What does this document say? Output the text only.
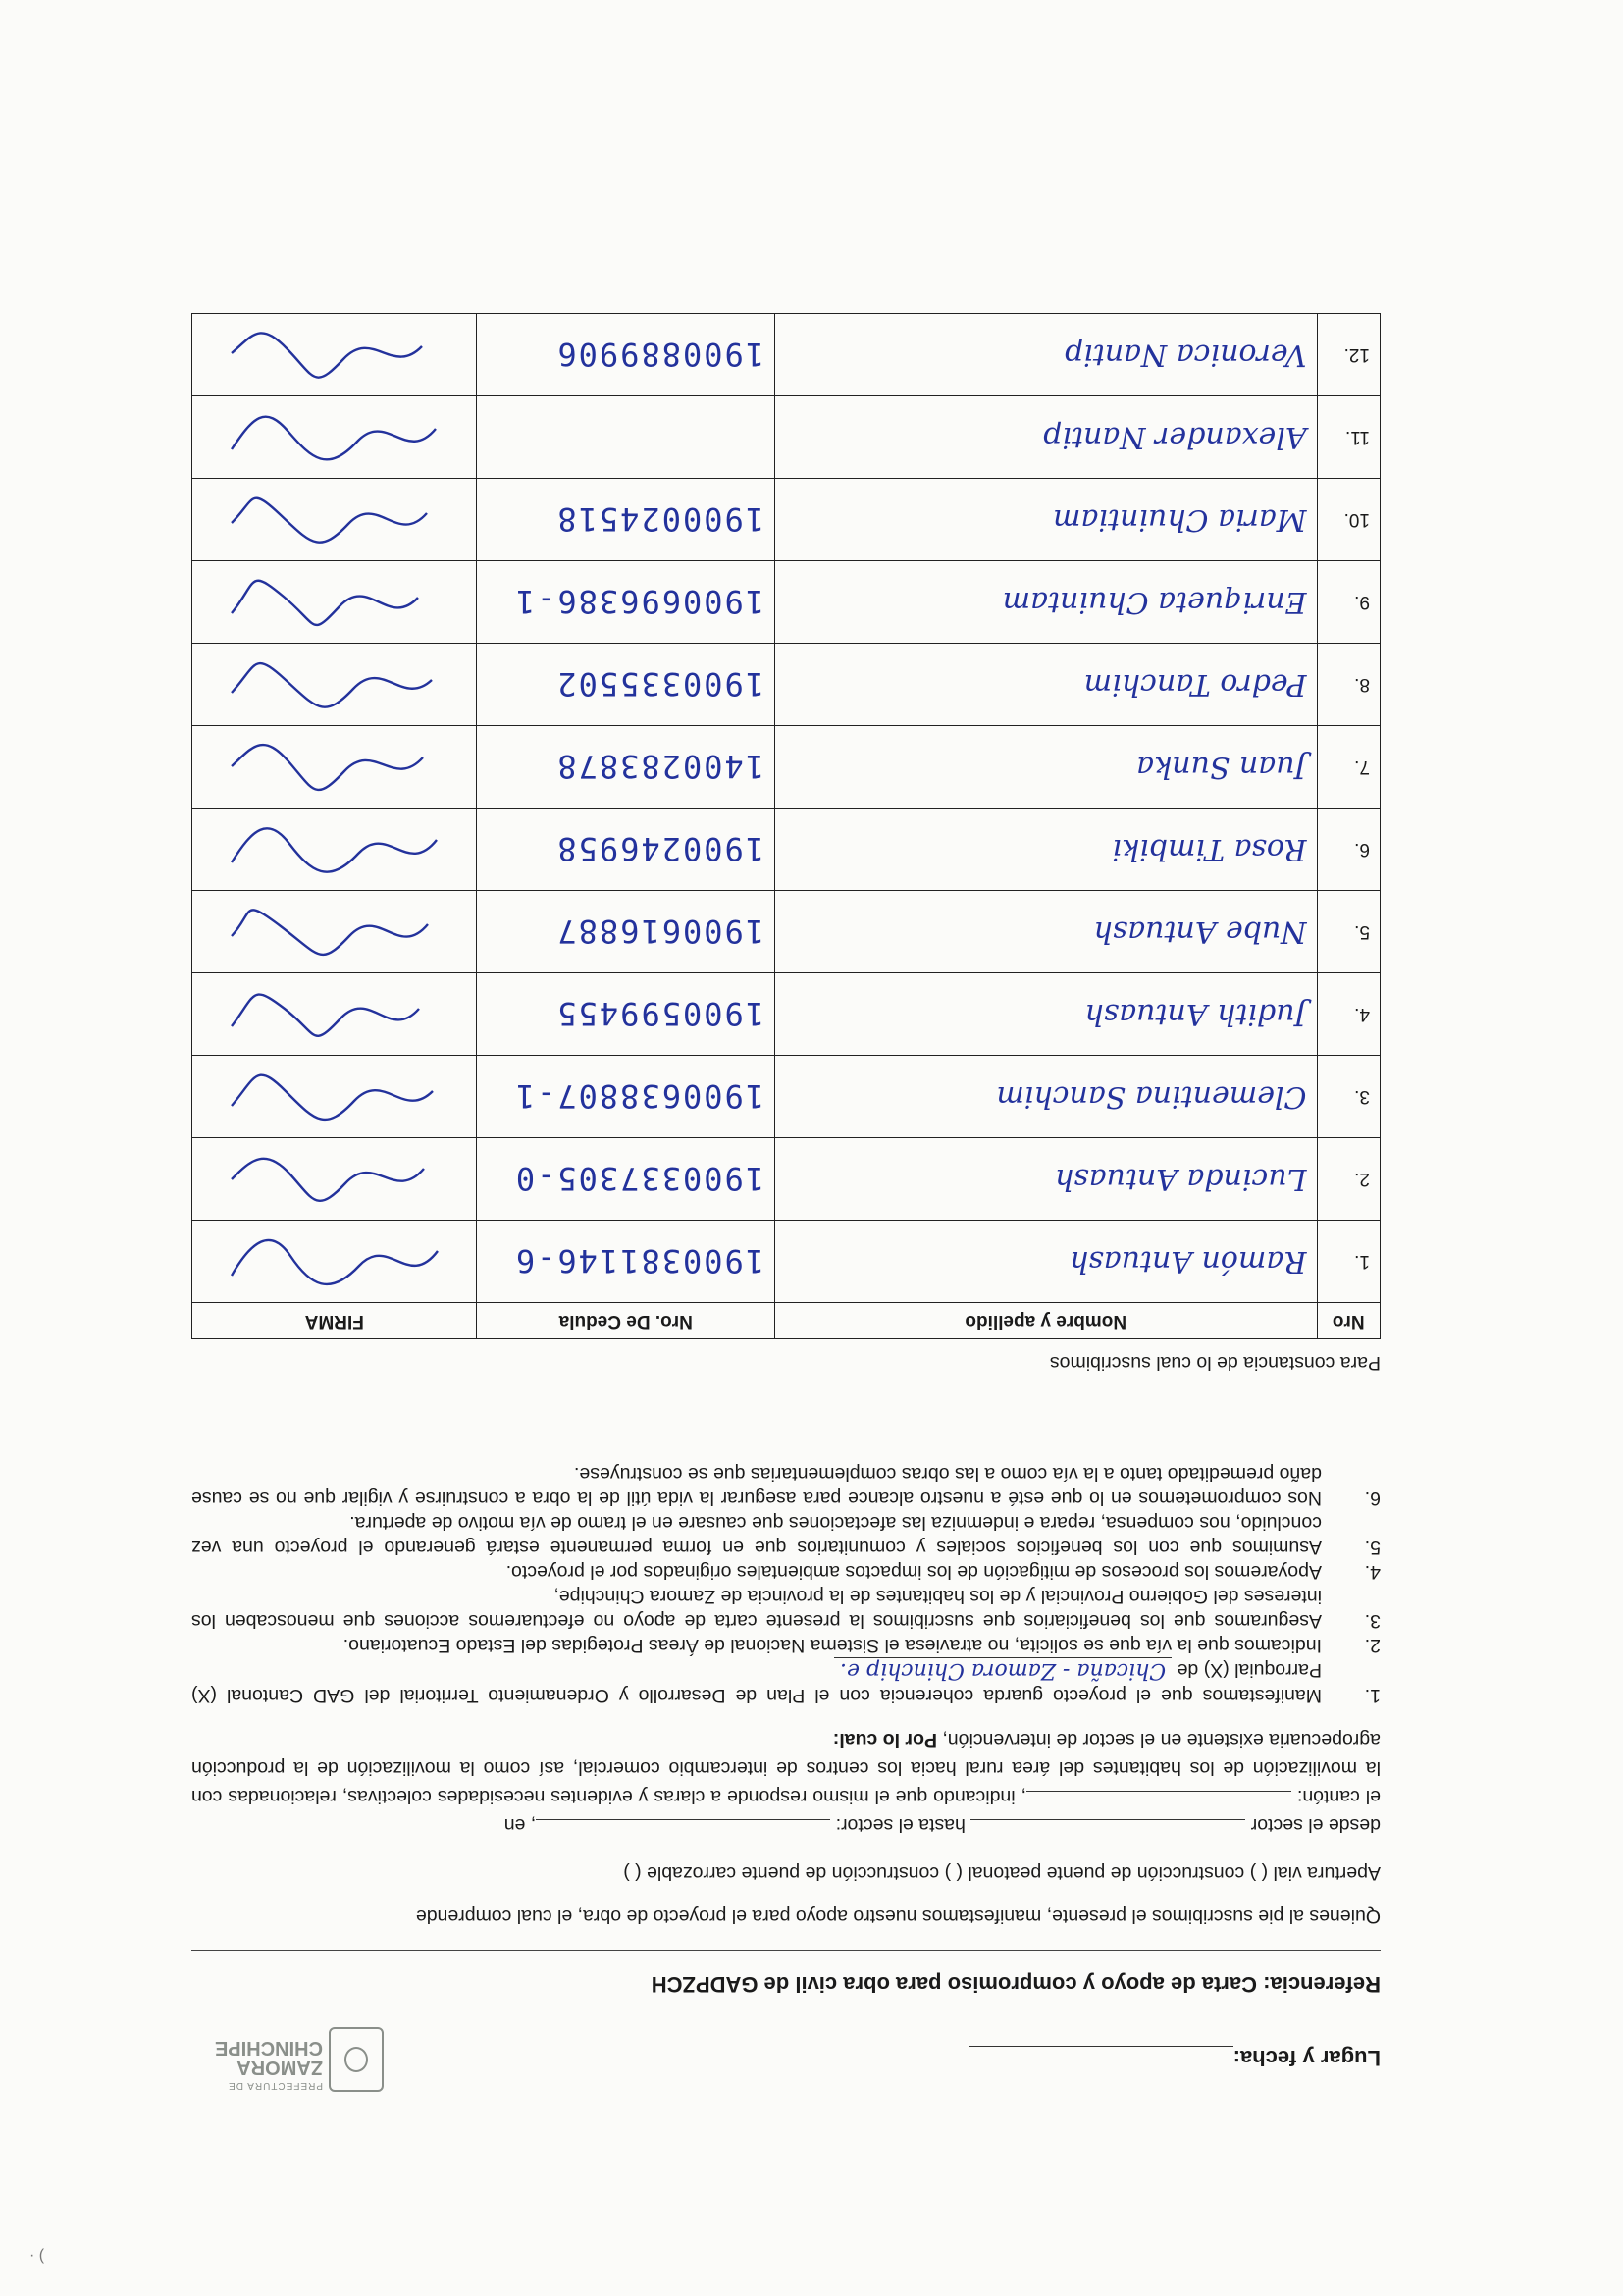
Lugar y fecha:
PREFECTURA DE
ZAMORA
CHINCHIPE
Referencia: Carta de apoyo y compromiso para obra civil de GADPZCH
Quienes al pie suscribimos el presente, manifestamos nuestro apoyo para el proyecto de obra, el cual comprende
Apertura vial ( ) construcción de puente peatonal ( ) construcción de puente carrozable ( )
desde el sector  hasta el sector: , en
el cantón: , indicando que el mismo responde a claras y evidentes necesidades colectivas, relacionadas con la movilización de los habitantes del área rural hacia los centros de intercambio comercial, así como la movilización de la producción agropecuaria existente en el sector de intervención, Por lo cual:
1.
Manifestamos que el proyecto guarda coherencia con el Plan de Desarrollo y Ordenamiento Territorial del GAD Cantonal (X) Parroquial (X) de Chicaña - Zamora Chinchip e.
2.
Indicamos que la vía que se solicita, no atraviesa el Sistema Nacional de Áreas Protegidas del Estado Ecuatoriano.
3.
Aseguramos que los beneficiarios que suscribimos la presente carta de apoyo no efectuaremos acciones que menoscaben los intereses del Gobierno Provincial y de los habitantes de la provincia de Zamora Chinchipe,
4.
Apoyaremos los procesos de mitigación de los impactos ambientales originados por el proyecto.
5.
Asumimos que con los beneficios sociales y comunitarios que en forma permanente estará generando el proyecto una vez concluido, nos compensa, repara e indemniza las afectaciones que causare en el tramo de vía motivo de apertura.
6.
Nos comprometemos en lo que esté a nuestro alcance para asegurar la vida útil de la obra a construirse y vigilar que no se cause daño premeditado tanto a la vía como a las obras complementarias que se construyese.
Para constancia de lo cual suscribimos
Nro	Nombre y apellido	Nro. De Cedula	FIRMA
1.	Ramón Antuash	1900381146-6	

2.	Lucinda Antuash	1900337305-0	

3.	Clementina Sanchim	1900638807-1	

4.	Judith Antuash	1900599455	

5.	Nube Antuash	1900616887	

6.	Rosa Timbiki	1900246958	

7.	Juan Sunka	1400283878	

8.	Pedro Tanchim	1900335502	

9.	Enriqueta Chuintam	1900696386-1	

10.	Maria Chuintiam	1900024518	

11.	Alexander Nantip		

12.	Veronica Nantip	1900889906	
· (
